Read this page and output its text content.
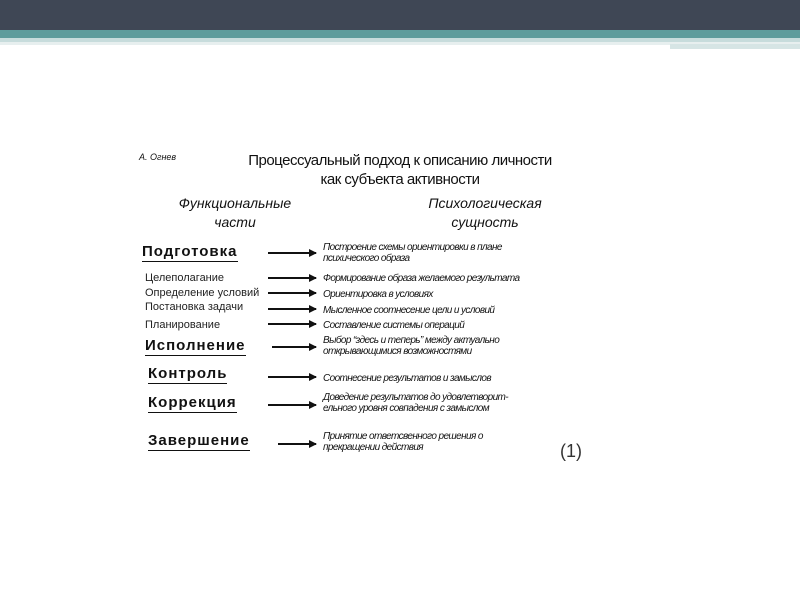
А. Огнев	Процессуальный подход к описанию личности
как субъекта активности
Функциональные
части
Психологическая
сущность
Подготовка
Целеполагание
Определение условий
Постановка задачи
Планирование
Исполнение
Контроль
Коррекция
Завершение
Построение схемы ориентировки в плане
психического образа
Формирование образа желаемого результата
Ориентировка в условиях
Мысленное соотнесение цели и условий
Составление системы операций
Выбор “здесь и теперь” между актуально
открывающимися возможностями
Соотнесение результатов и замыслов
Доведение результатов до удовлетворит-
ельного уровня совпадения с замыслом
Принятие ответсвенного решения о
прекращении действия	(1)
